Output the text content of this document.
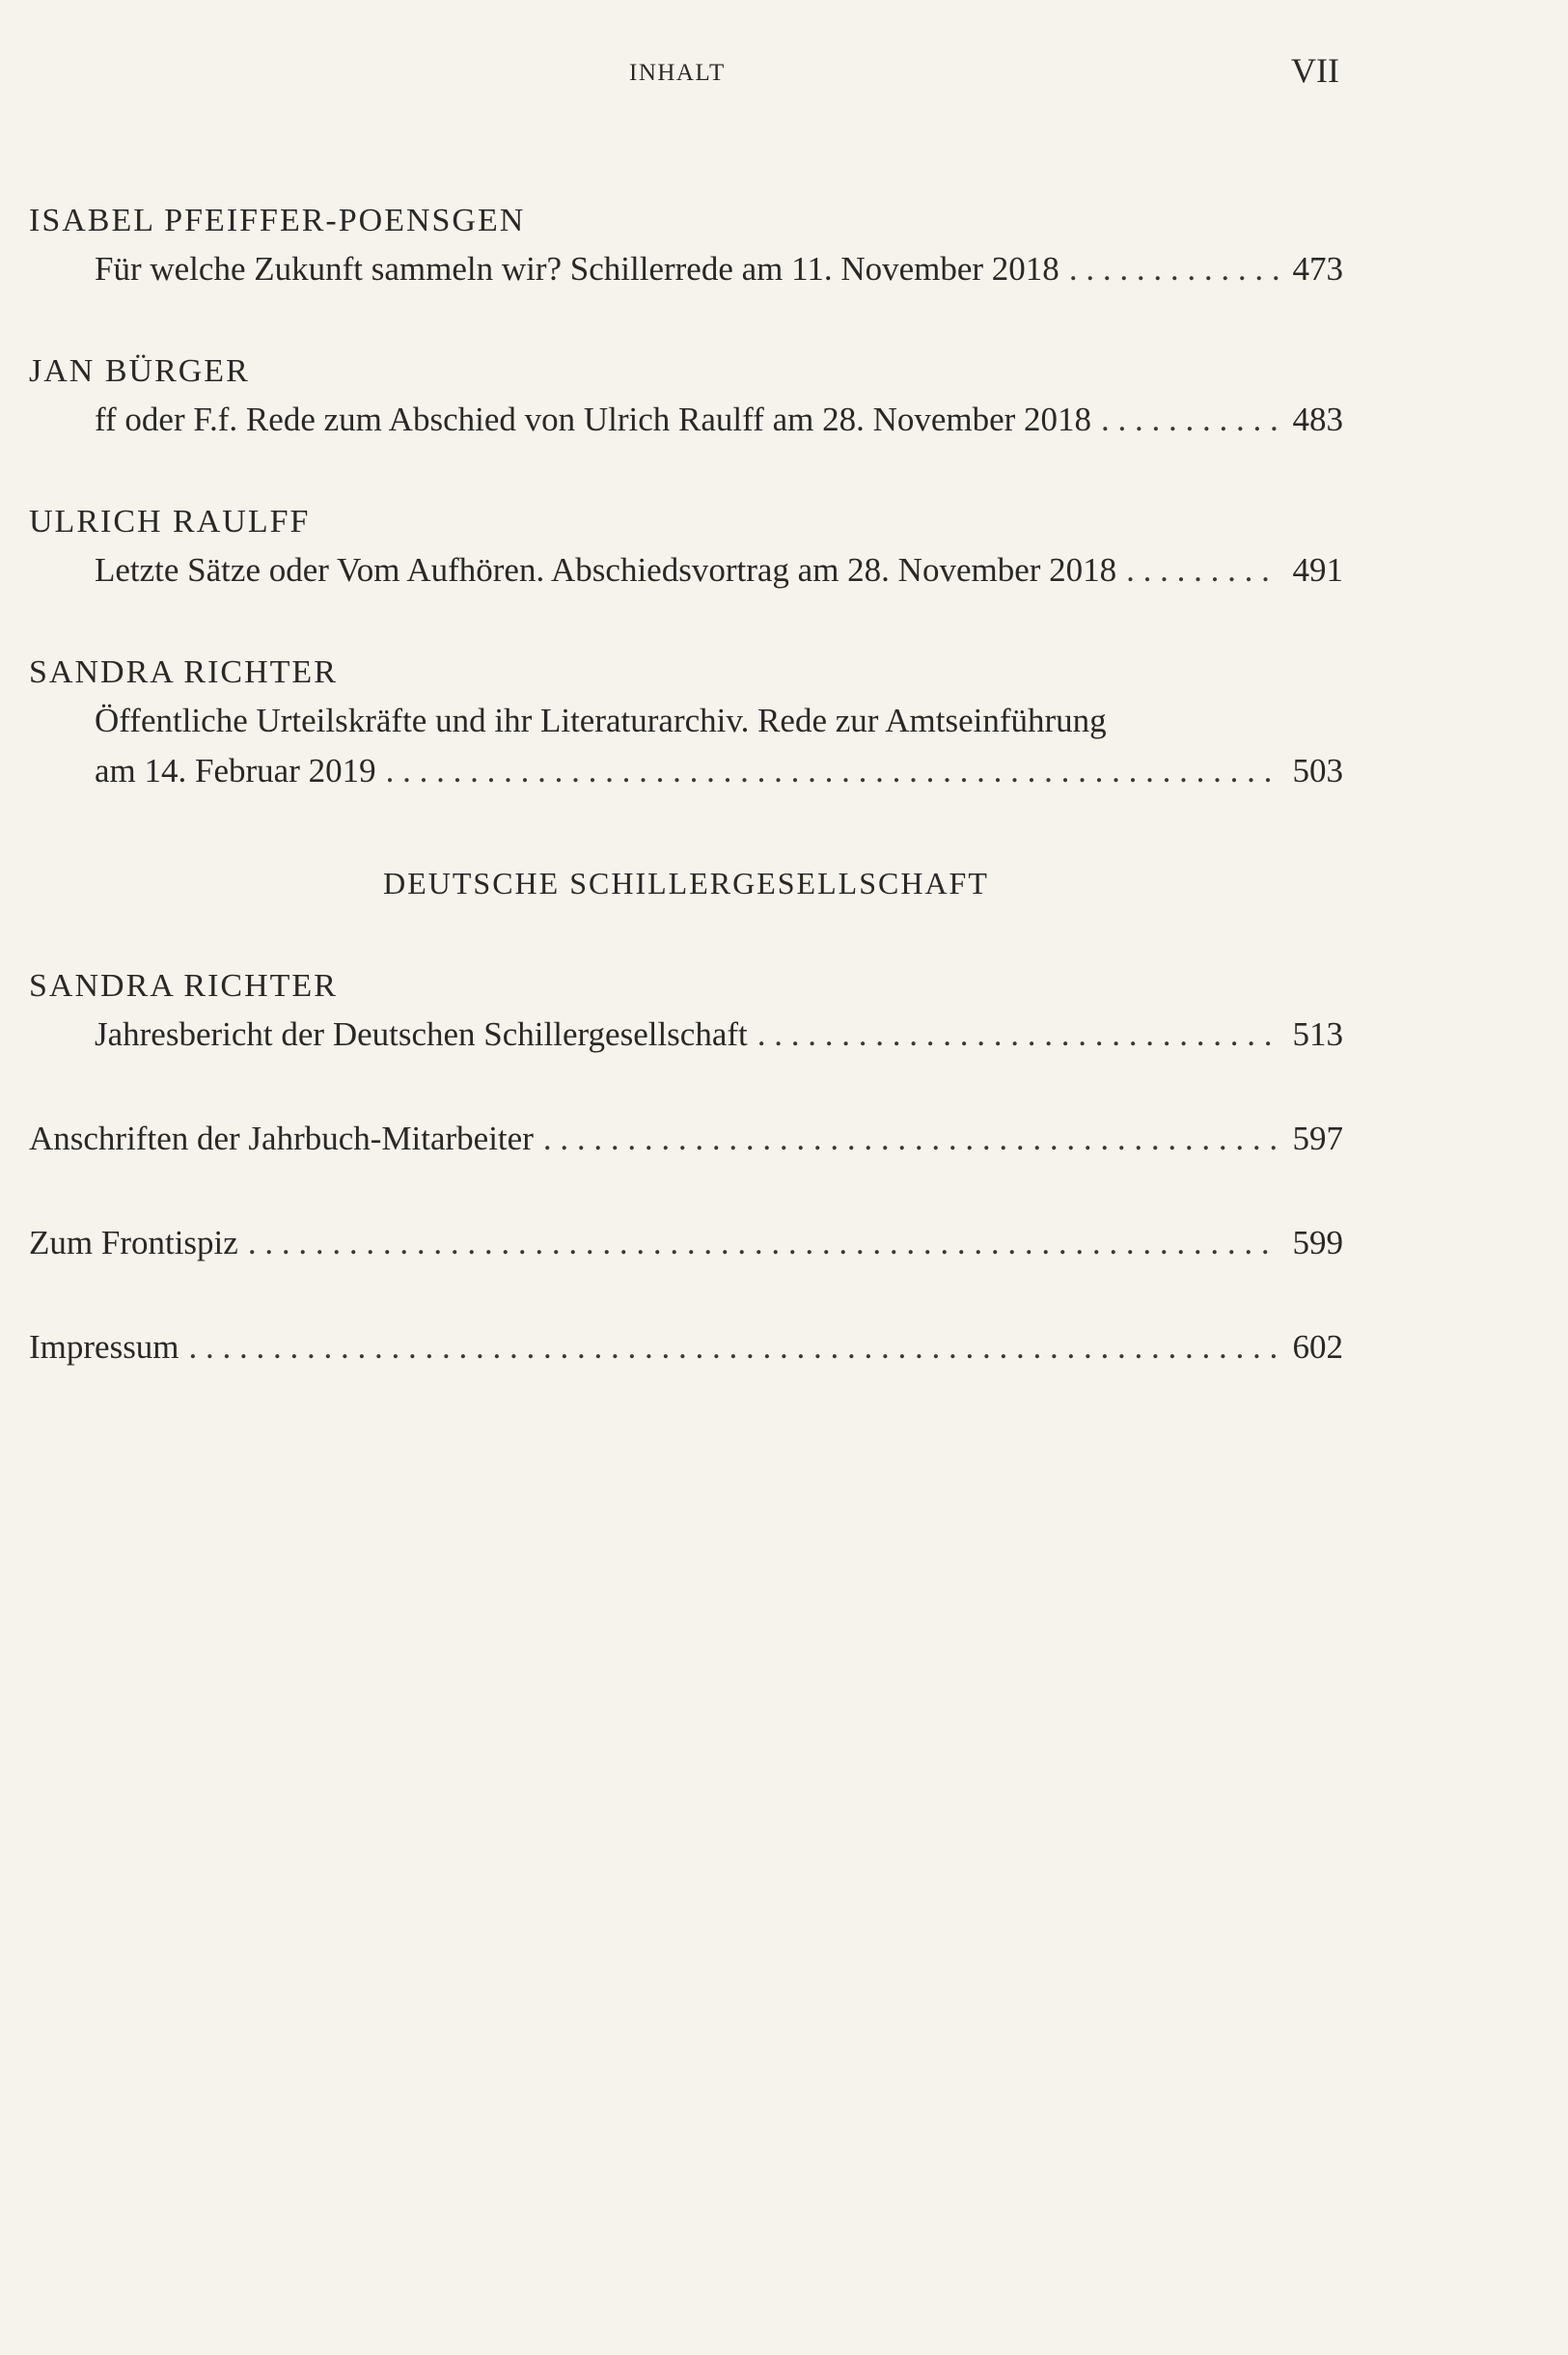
INHALT	VII
ISABEL PFEIFFER-POENSGEN
Für welche Zukunft sammeln wir? Schillerrede am 11. November 2018 . . .	473
JAN BÜRGER
ff oder F.f. Rede zum Abschied von Ulrich Raulff am 28. November 2018 . . .	483
ULRICH RAULFF
Letzte Sätze oder Vom Aufhören. Abschiedsvortrag am 28. November 2018 . . .	491
SANDRA RICHTER
Öffentliche Urteilskräfte und ihr Literaturarchiv. Rede zur Amtseinführung
am 14. Februar 2019 . . .	503
DEUTSCHE SCHILLERGESELLSCHAFT
SANDRA RICHTER
Jahresbericht der Deutschen Schillergesellschaft . . .	513
Anschriften der Jahrbuch-Mitarbeiter . . .	597
Zum Frontispiz . . .	599
Impressum . . .	602
